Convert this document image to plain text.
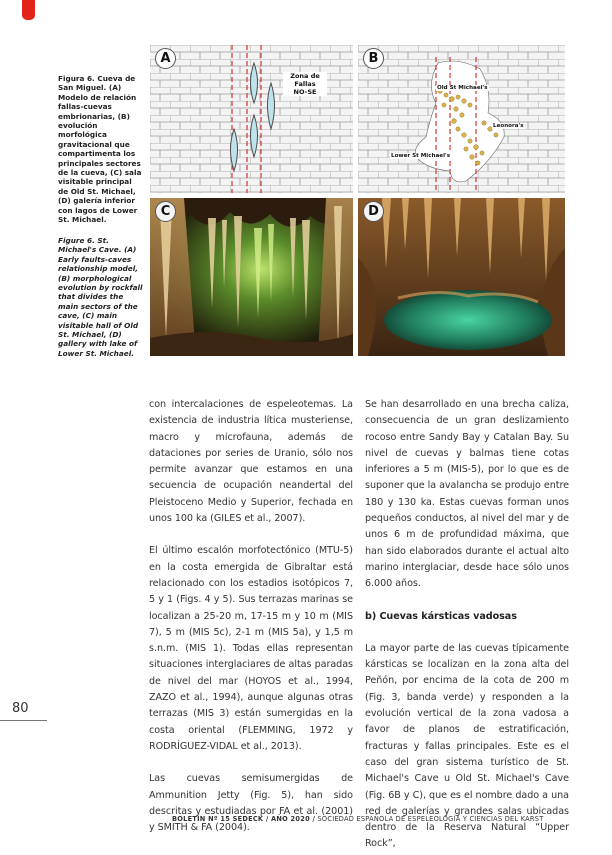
Figura 6. Cueva de San Miguel. (A) Modelo de relación fallas-cuevas embrionarias, (B) evolución morfológica gravitacional que compartimenta los principales sectores de la cueva, (C) sala visitable principal de Old St. Michael, (D) galería inferior con lagos de Lower St. Michael.
Figure 6. St. Michael's Cave. (A) Early faults-caves relationship model, (B) morphological evolution by rockfall that divides the main sectors of the cave, (C) main visitable hall of Old St. Michael, (D) gallery with lake of Lower St. Michael.
A
Zona de
Fallas
NO-SE
B
Old St Michael's
Leonora's
Lower St Michael's
C	D

con intercalaciones de espeleotemas. La existencia de industria lítica musteriense, macro y microfauna, además de dataciones por series de Uranio, sólo nos permite avanzar que estamos en una secuencia de ocupación neandertal del Pleistoceno Medio y Superior, fechada en unos 100 ka (GILES et al., 2007).

El último escalón morfotectónico (MTU-5) en la costa emergida de Gibraltar está relacionado con los estadios isotópicos 7, 5 y 1 (Figs. 4 y 5). Sus terrazas marinas se localizan a 25-20 m, 17-15 m y 10 m (MIS 7), 5 m (MIS 5c), 2-1 m (MIS 5a), y 1,5 m s.n.m. (MIS 1). Todas ellas representan situaciones interglaciares de altas paradas de nivel del mar (HOYOS et al., 1994, ZAZO et al., 1994), aunque algunas otras terrazas (MIS 3) están sumergidas en la costa oriental (FLEMMING, 1972 y RODRÍGUEZ-VIDAL et al., 2013).

Las cuevas semisumergidas de Ammunition Jetty (Fig. 5), han sido descritas y estudiadas por FA et al. (2001) y SMITH & FA (2004).

Se han desarrollado en una brecha caliza, consecuencia de un gran deslizamiento rocoso entre Sandy Bay y Catalan Bay. Su nivel de cuevas y balmas tiene cotas inferiores a 5 m (MIS-5), por lo que es de suponer que la avalancha se produjo entre 180 y 130 ka. Estas cuevas forman unos pequeños conductos, al nivel del mar y de unos 6 m de profundidad máxima, que han sido elaborados durante el actual alto marino interglaciar, desde hace sólo unos 6.000 años.

b) Cuevas kársticas vadosas

La mayor parte de las cuevas típicamente kársticas se localizan en la zona alta del Peñón, por encima de la cota de 200 m (Fig. 3, banda verde) y responden a la evolución vertical de la zona vadosa a favor de planos de estratificación, fracturas y fallas principales. Este es el caso del gran sistema turístico de St. Michael's Cave u Old St. Michael's Cave (Fig. 6B y C), que es el nombre dado a una red de galerías y grandes salas ubicadas dentro de la Reserva Natural “Upper Rock”,

80
BOLETÍN Nº 15 SEDECK / AÑO 2020 / SOCIEDAD ESPAÑOLA DE ESPELEOLOGÍA Y CIENCIAS DEL KARST
